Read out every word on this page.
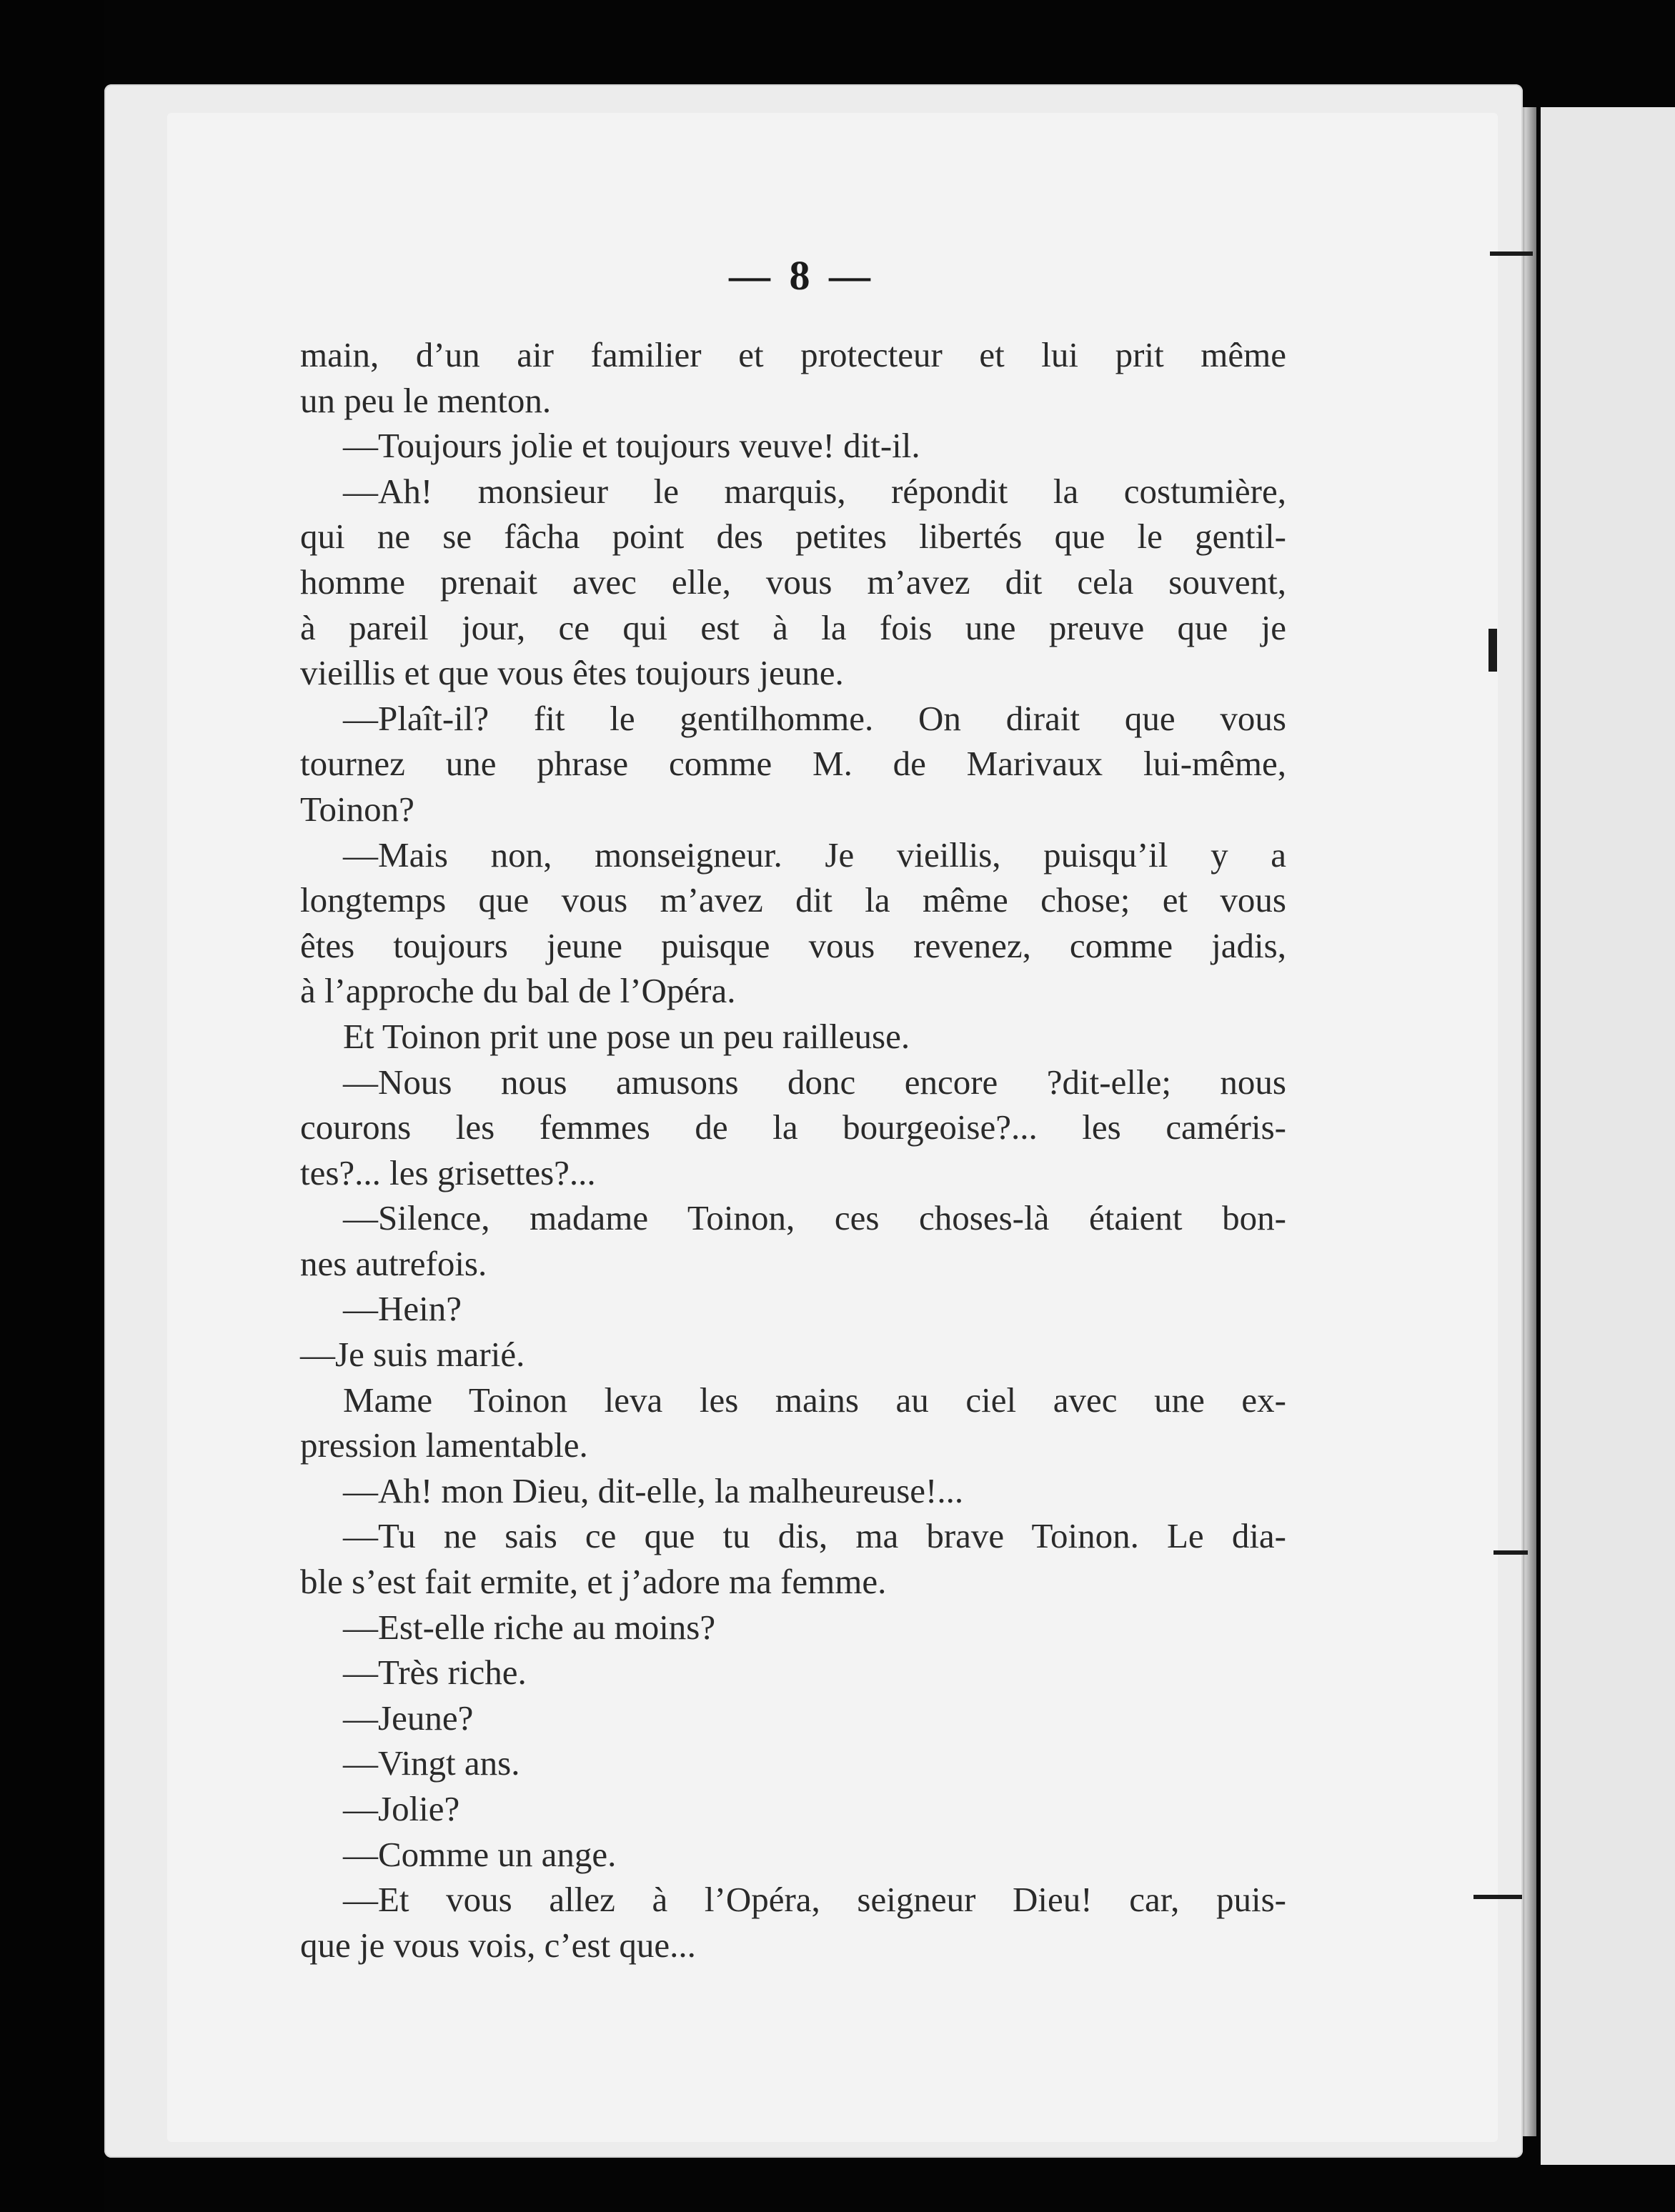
— 8 —
main, d’un air familier et protecteur et lui prit même
un peu le menton.
—Toujours jolie et toujours veuve! dit-il.
—Ah! monsieur le marquis, répondit la costumière,
qui ne se fâcha point des petites libertés que le gentil-
homme prenait avec elle, vous m’avez dit cela souvent,
à pareil jour, ce qui est à la fois une preuve que je
vieillis et que vous êtes toujours jeune.
—Plaît-il? fit le gentilhomme. On dirait que vous
tournez une phrase comme M. de Marivaux lui-même,
Toinon?
—Mais non, monseigneur. Je vieillis, puisqu’il y a
longtemps que vous m’avez dit la même chose; et vous
êtes toujours jeune puisque vous revenez, comme jadis,
à l’approche du bal de l’Opéra.
Et Toinon prit une pose un peu railleuse.
—Nous nous amusons donc encore ?dit-elle; nous
courons les femmes de la bourgeoise?... les caméris-
tes?... les grisettes?...
—Silence, madame Toinon, ces choses-là étaient bon-
nes autrefois.
—Hein?
—Je suis marié.
Mame Toinon leva les mains au ciel avec une ex-
pression lamentable.
—Ah! mon Dieu, dit-elle, la malheureuse!...
—Tu ne sais ce que tu dis, ma brave Toinon. Le dia-
ble s’est fait ermite, et j’adore ma femme.
—Est-elle riche au moins?
—Très riche.
—Jeune?
—Vingt ans.
—Jolie?
—Comme un ange.
—Et vous allez à l’Opéra, seigneur Dieu! car, puis-
que je vous vois, c’est que...
